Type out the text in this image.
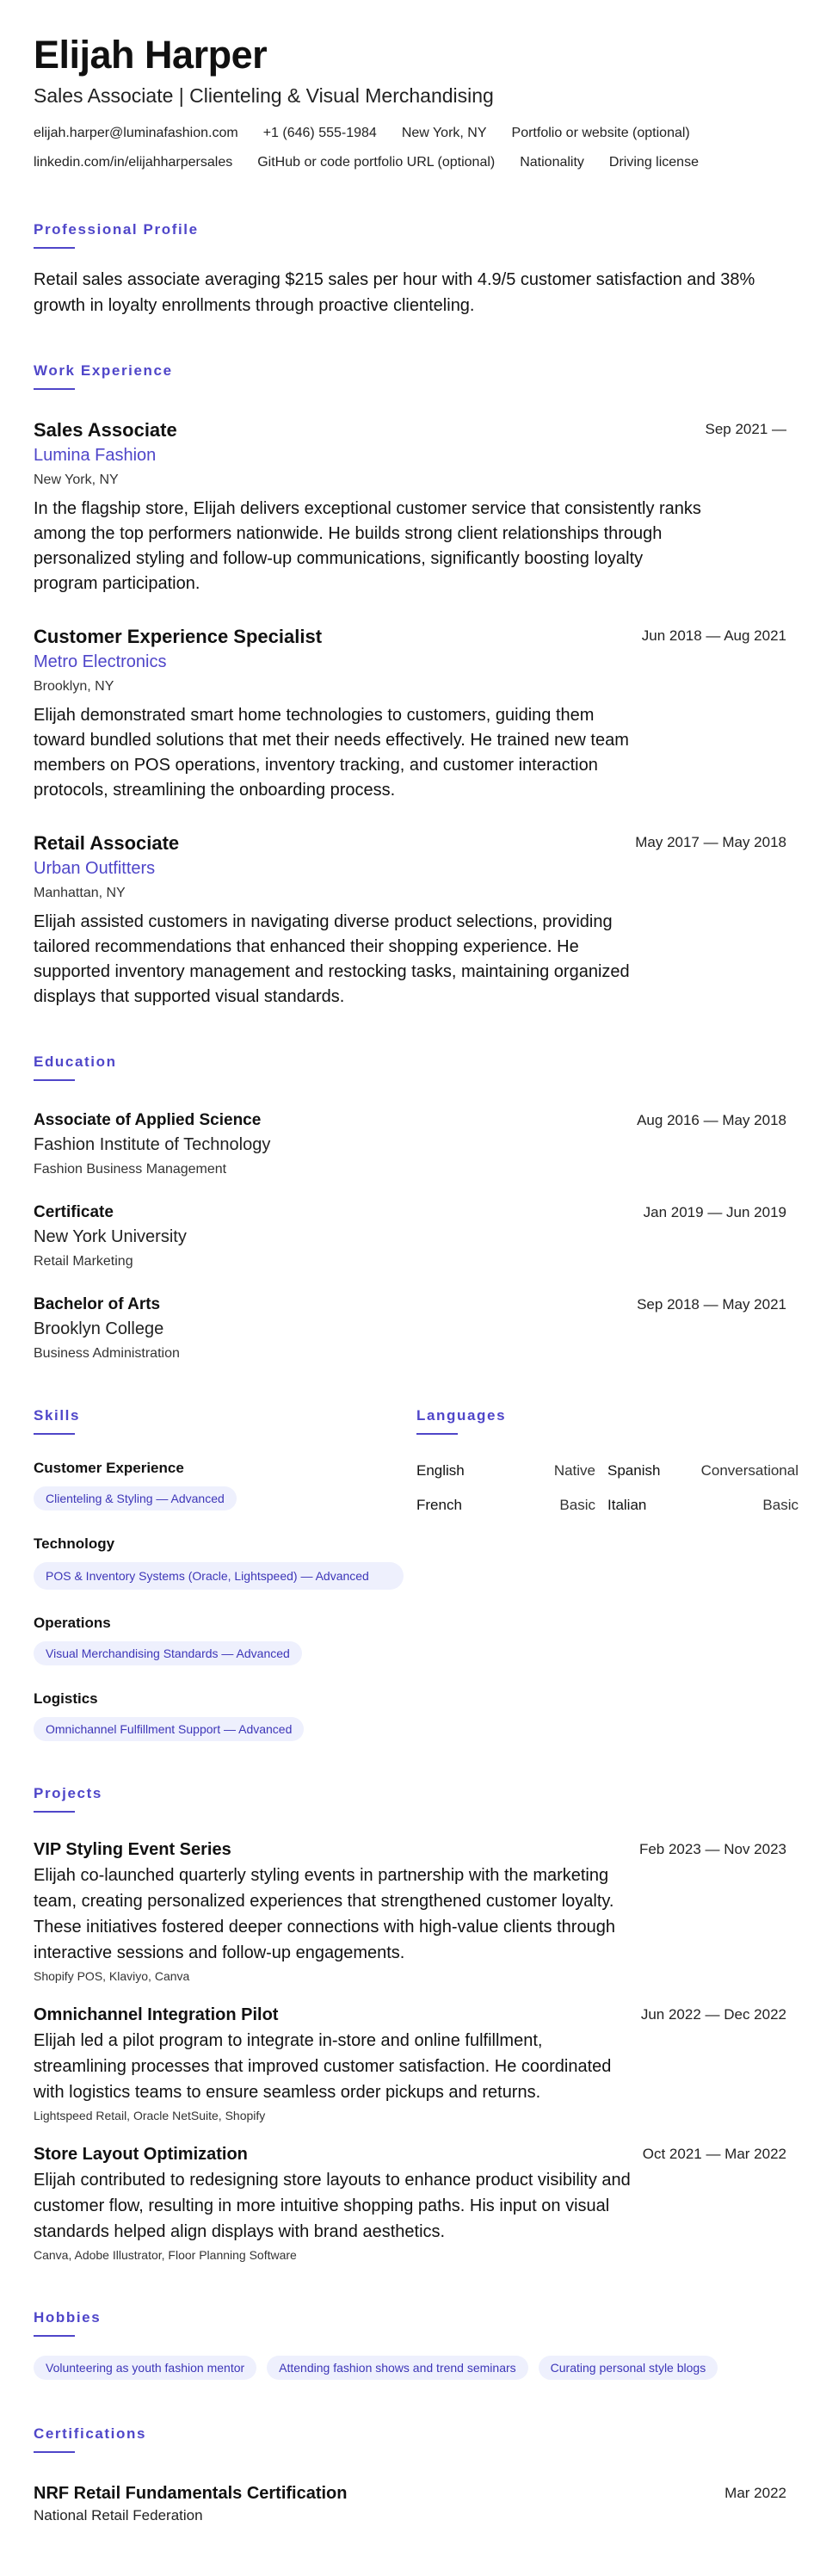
Elijah Harper
Sales Associate | Clienteling & Visual Merchandising
elijah.harper@luminafashion.com +1 (646) 555-1984 New York, NY Portfolio or website (optional)
linkedin.com/in/elijahharpersales GitHub or code portfolio URL (optional) Nationality Driving license
Professional Profile
Retail sales associate averaging $215 sales per hour with 4.9/5 customer satisfaction and 38% growth in loyalty enrollments through proactive clienteling.
Work Experience
Sales Associate	Sep 2021 —
Lumina Fashion
New York, NY
In the flagship store, Elijah delivers exceptional customer service that consistently ranks among the top performers nationwide. He builds strong client relationships through personalized styling and follow-up communications, significantly boosting loyalty program participation.
Customer Experience Specialist	Jun 2018 — Aug 2021
Metro Electronics
Brooklyn, NY
Elijah demonstrated smart home technologies to customers, guiding them toward bundled solutions that met their needs effectively. He trained new team members on POS operations, inventory tracking, and customer interaction protocols, streamlining the onboarding process.
Retail Associate	May 2017 — May 2018
Urban Outfitters
Manhattan, NY
Elijah assisted customers in navigating diverse product selections, providing tailored recommendations that enhanced their shopping experience. He supported inventory management and restocking tasks, maintaining organized displays that supported visual standards.
Education
Associate of Applied Science	Aug 2016 — May 2018
Fashion Institute of Technology
Fashion Business Management
Certificate	Jan 2019 — Jun 2019
New York University
Retail Marketing
Bachelor of Arts	Sep 2018 — May 2021
Brooklyn College
Business Administration
Skills
Customer Experience
Clienteling & Styling — Advanced
Technology
POS & Inventory Systems (Oracle, Lightspeed) — Advanced
Operations
Visual Merchandising Standards — Advanced
Logistics
Omnichannel Fulfillment Support — Advanced
Languages
English	Native Spanish	Conversational
French	Basic Italian	Basic
Projects
VIP Styling Event Series	Feb 2023 — Nov 2023
Elijah co-launched quarterly styling events in partnership with the marketing team, creating personalized experiences that strengthened customer loyalty. These initiatives fostered deeper connections with high-value clients through interactive sessions and follow-up engagements.
Shopify POS, Klaviyo, Canva
Omnichannel Integration Pilot	Jun 2022 — Dec 2022
Elijah led a pilot program to integrate in-store and online fulfillment, streamlining processes that improved customer satisfaction. He coordinated with logistics teams to ensure seamless order pickups and returns.
Lightspeed Retail, Oracle NetSuite, Shopify
Store Layout Optimization	Oct 2021 — Mar 2022
Elijah contributed to redesigning store layouts to enhance product visibility and customer flow, resulting in more intuitive shopping paths. His input on visual standards helped align displays with brand aesthetics.
Canva, Adobe Illustrator, Floor Planning Software
Hobbies
Volunteering as youth fashion mentor	Attending fashion shows and trend seminars	Curating personal style blogs
Certifications
NRF Retail Fundamentals Certification	Mar 2022
National Retail Federation
